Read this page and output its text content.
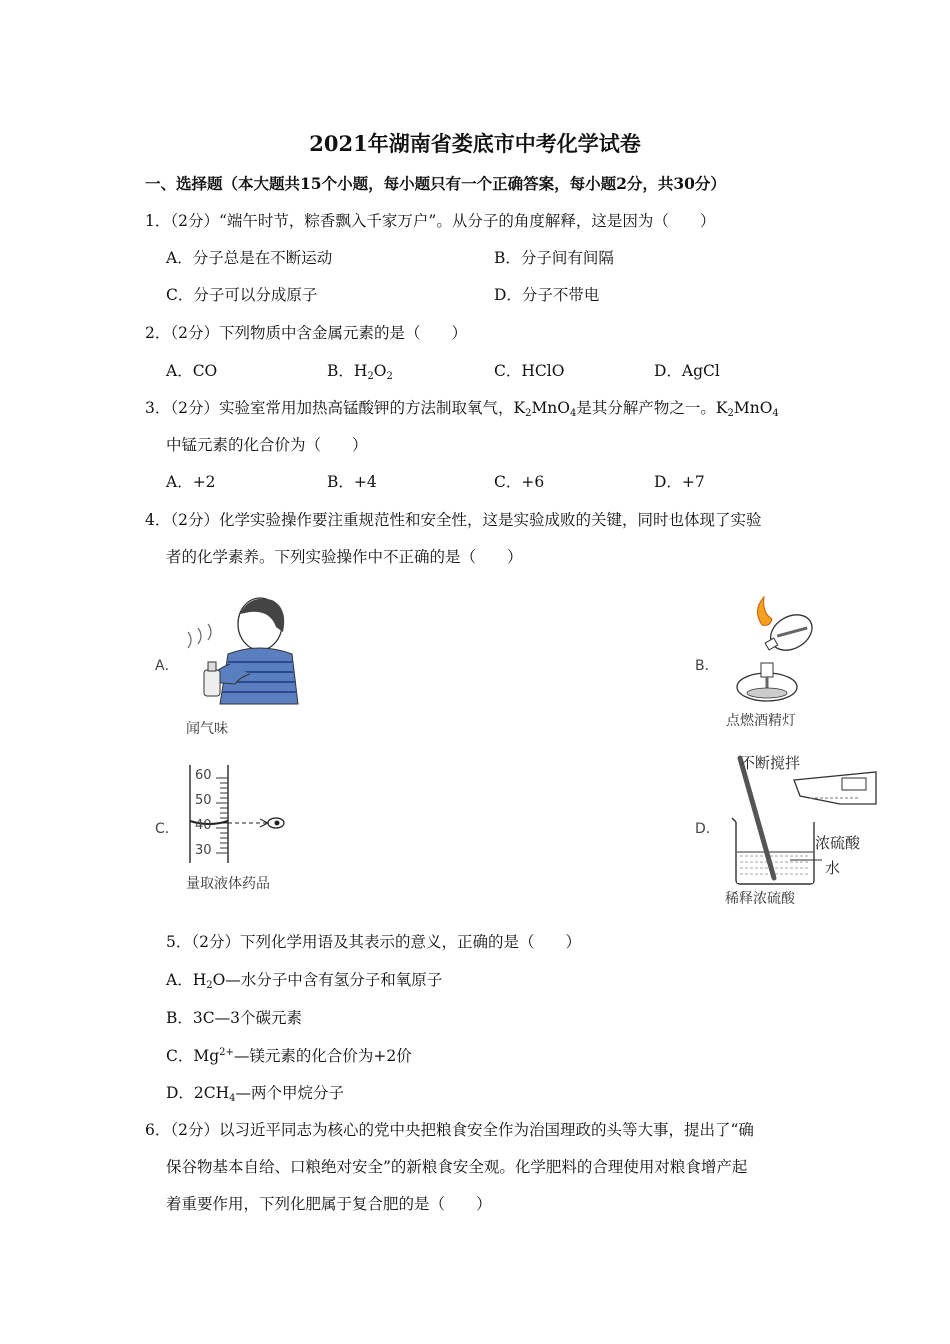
2021年湖南省娄底市中考化学试卷
一、选择题（本大题共15个小题，每小题只有一个正确答案，每小题2分，共30分）
1．（2分）“端午时节，粽香飘入千家万户”。从分子的角度解释，这是因为（　　）
A．分子总是在不断运动	B．分子间有间隔
C．分子可以分成原子	D．分子不带电
2．（2分）下列物质中含金属元素的是（　　）
A．CO	B．$H_2O_2$	C．HClO	D．AgCl
3．（2分）实验室常用加热高锰酸钾的方法制取氧气，$K_2MnO_4$是其分解产物之一。$K_2MnO_4$
中锰元素的化合价为（　　）
A．+2	B．+4	C．+6	D．+7
4．（2分）化学实验操作要注重规范性和安全性，这是实验成败的关键，同时也体现了实验
者的化学素养。下列实验操作中不正确的是（　　）
A．
闻气味
B．
点燃酒精灯
C．
60
50
40
30
量取液体药品
D．
不断搅拌
浓硫酸
水
稀释浓硫酸
5．（2分）下列化学用语及其表示的意义，正确的是（　　）
A．$H_2O—$水分子中含有氢分子和氧原子
B．3C—3个碳元素
C．$Mg^{2+}—$镁元素的化合价为+2价
D．$2CH_4—$两个甲烷分子
6．（2分）以习近平同志为核心的党中央把粮食安全作为治国理政的头等大事，提出了“确
保谷物基本自给、口粮绝对安全”的新粮食安全观。化学肥料的合理使用对粮食增产起
着重要作用，下列化肥属于复合肥的是（　　）
